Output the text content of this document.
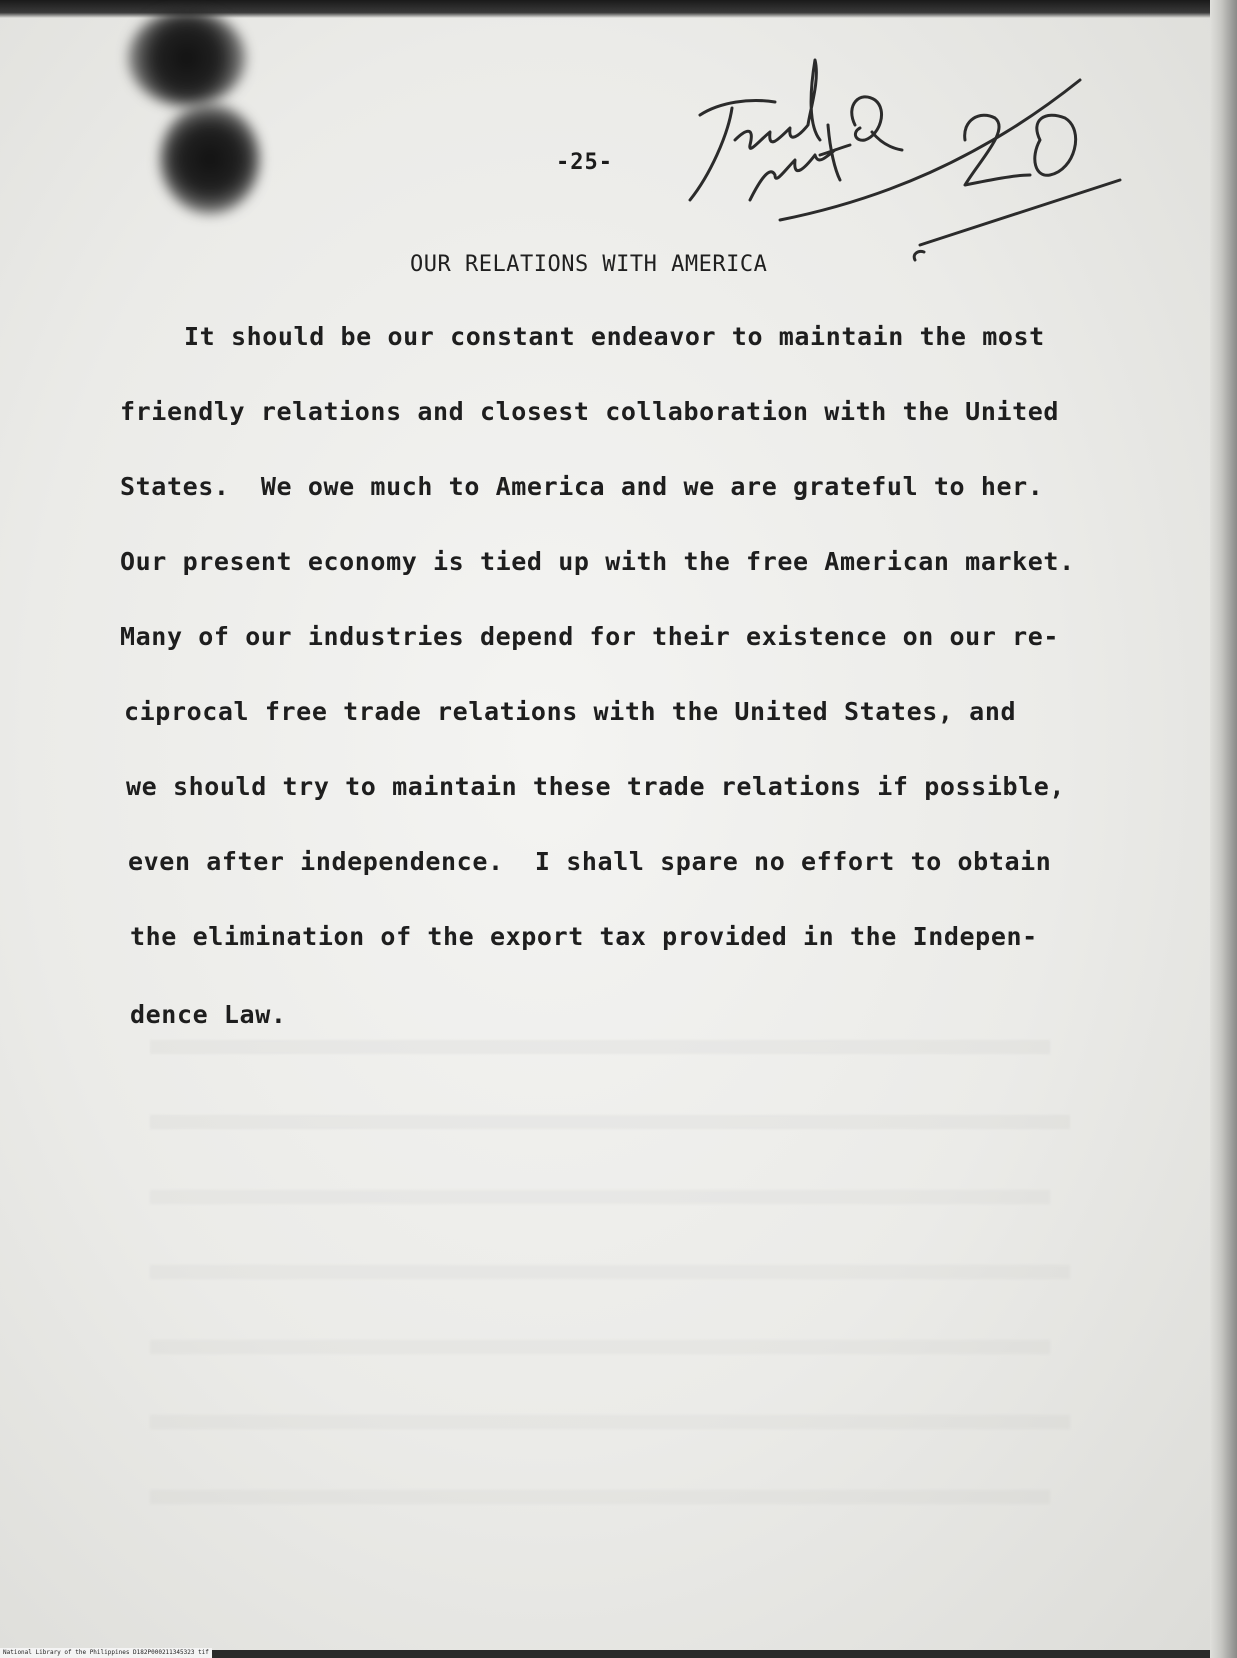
-25-
OUR RELATIONS WITH AMERICA
It should be our constant endeavor to maintain the most
friendly relations and closest collaboration with the United
States.  We owe much to America and we are grateful to her.
Our present economy is tied up with the free American market.
Many of our industries depend for their existence on our re-
ciprocal free trade relations with the United States, and
we should try to maintain these trade relations if possible,
even after independence.  I shall spare no effort to obtain
the elimination of the export tax provided in the Indepen-
dence Law.
National Library of the Philippines D182P000211345323 tif
